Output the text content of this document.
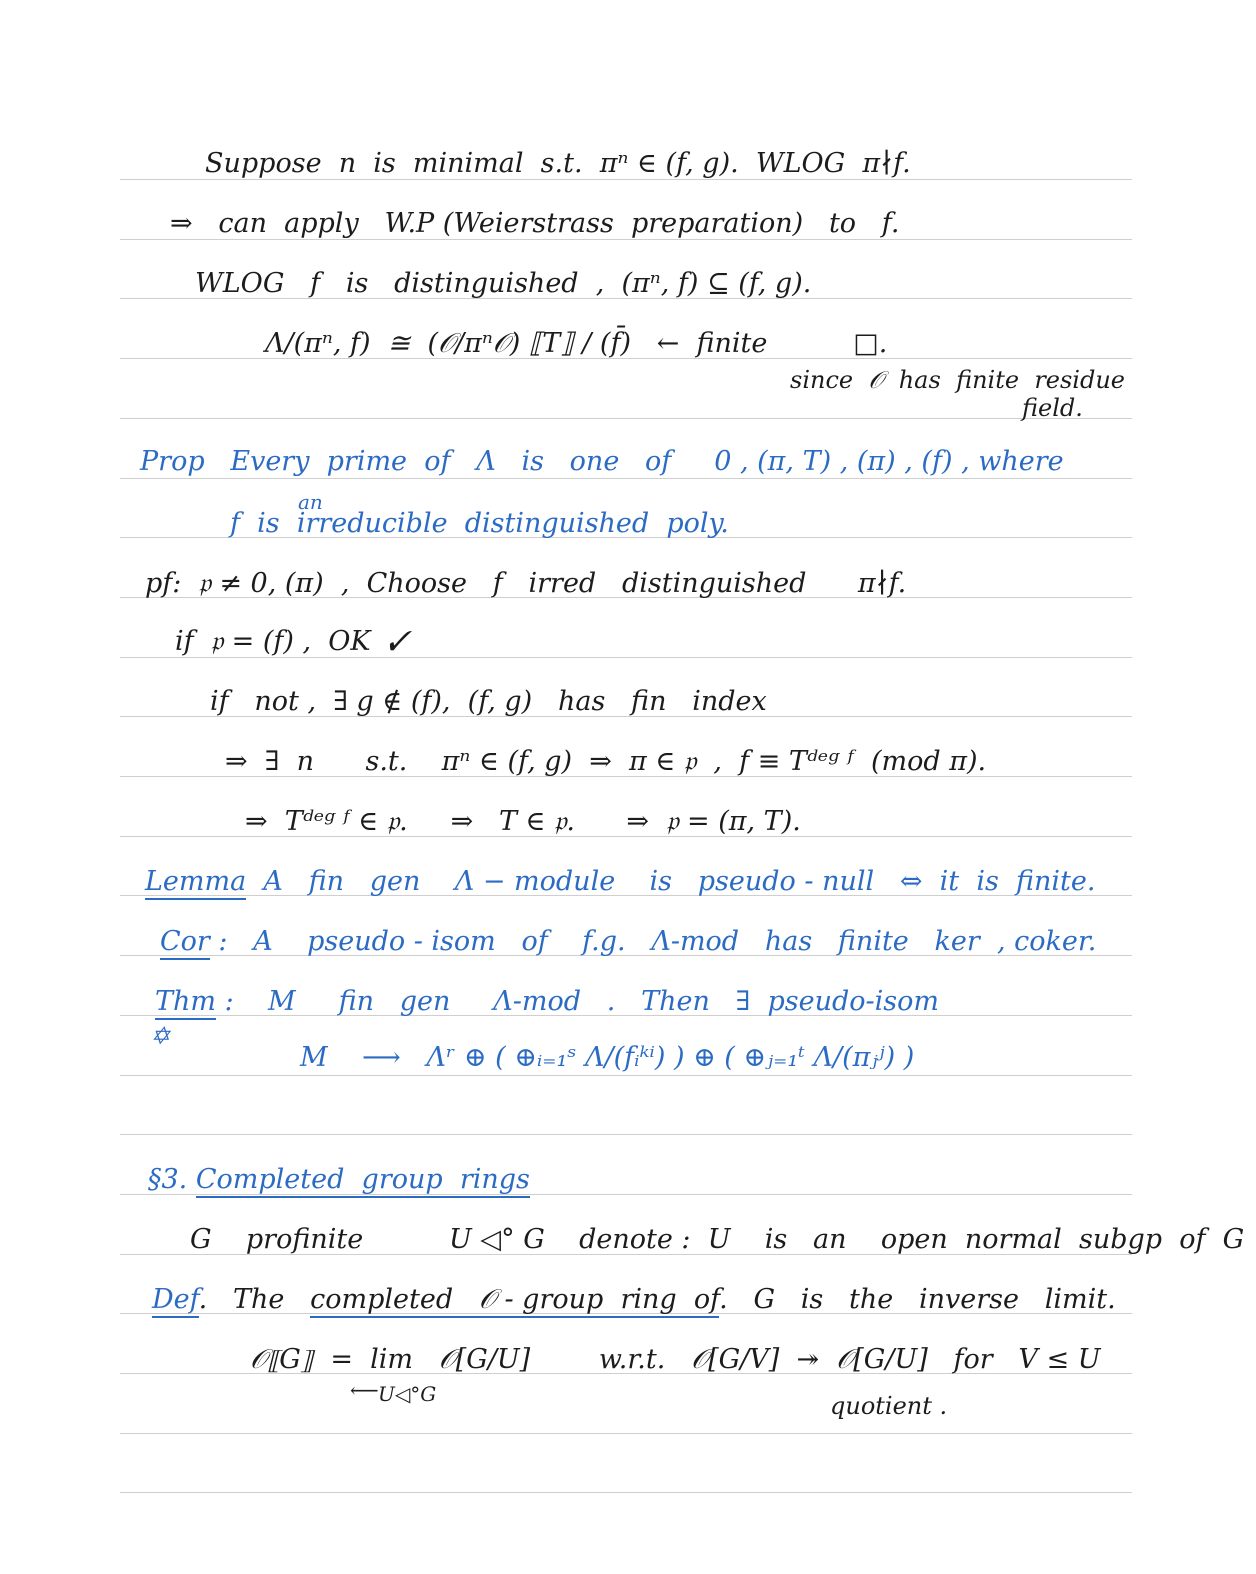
Suppose  n  is  minimal  s.t.  πⁿ ∈ (f, g).  WLOG  π∤f.
⇒   can  apply   W.P (Weierstrass  preparation)   to   f.
WLOG   f   is   distinguished  ,  (πⁿ, f) ⊆ (f, g).
Λ/(πⁿ, f)  ≅  (𝒪/πⁿ𝒪) ⟦T⟧ / (f̄)   ←  finite          □.
since  𝒪  has  finite  residue
field.
Prop   Every  prime  of   Λ   is   one   of     0 , (π, T) , (π) , (f) , where
an
f  is  irreducible  distinguished  poly.
pf:  𝔭 ≠ 0, (π)  ,  Choose   f   irred   distinguished      π∤f.
if  𝔭 = (f) ,  OK  ✓
if   not ,  ∃ g ∉ (f),  (f, g)   has   fin   index
⇒  ∃  n      s.t.    πⁿ ∈ (f, g)  ⇒  π ∈ 𝔭  ,  f ≡ Tᵈᵉᵍ ᶠ  (mod π).
⇒  Tᵈᵉᵍ ᶠ ∈ 𝔭.     ⇒   T ∈ 𝔭.      ⇒  𝔭 = (π, T).
Lemma  A   fin   gen    Λ − module    is   pseudo - null   ⇔  it  is  finite.
Cor :   A    pseudo - isom   of    f.g.   Λ-mod   has   finite   ker  , coker.
Thm :    M     fin   gen     Λ-mod   .   Then   ∃  pseudo-isom
✡
M    ⟶   Λʳ ⊕ ( ⊕ᵢ₌₁ˢ Λ/(fᵢᵏⁱ) ) ⊕ ( ⊕ⱼ₌₁ᵗ Λ/(πⱼʲ) )
§3. Completed  group  rings
G    profinite          U ◁° G    denote :  U    is   an    open  normal  subgp  of  G
Def.   The   completed   𝒪 - group  ring  of.   G   is   the   inverse   limit.
𝒪⟦G⟧  =  lim   𝒪[G/U]        w.r.t.   𝒪[G/V]  ↠  𝒪[G/U]   for   V ≤ U
⟵ U◁°G	quotient .
